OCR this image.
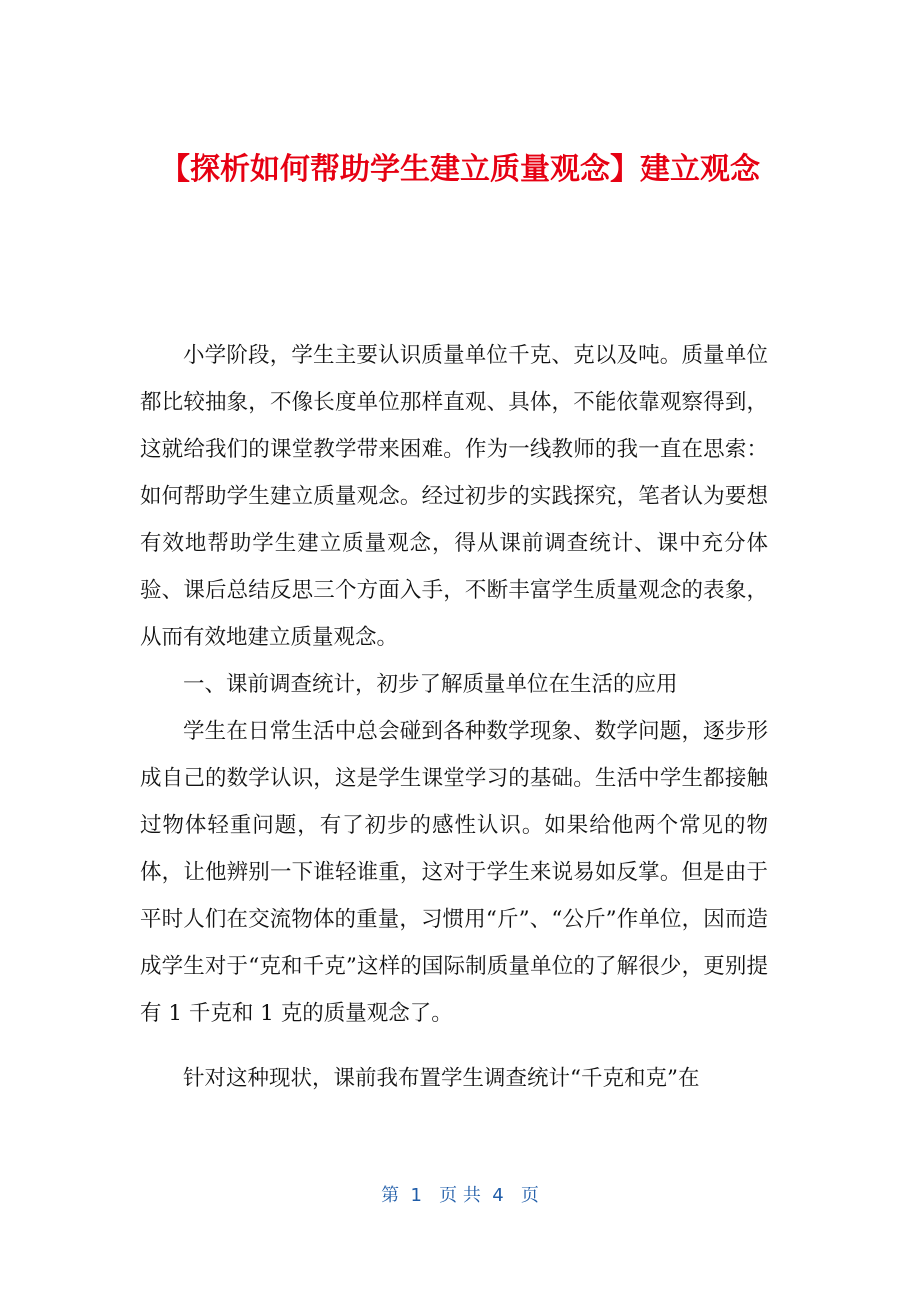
【探析如何帮助学生建立质量观念】建立观念

小学阶段，学生主要认识质量单位千克、克以及吨。质量单位都比较抽象，不像长度单位那样直观、具体，不能依靠观察得到，这就给我们的课堂教学带来困难。作为一线教师的我一直在思索：如何帮助学生建立质量观念。经过初步的实践探究，笔者认为要想有效地帮助学生建立质量观念，得从课前调查统计、课中充分体验、课后总结反思三个方面入手，不断丰富学生质量观念的表象，从而有效地建立质量观念。

一、课前调查统计，初步了解质量单位在生活的应用

学生在日常生活中总会碰到各种数学现象、数学问题，逐步形成自己的数学认识，这是学生课堂学习的基础。生活中学生都接触过物体轻重问题，有了初步的感性认识。如果给他两个常见的物体，让他辨别一下谁轻谁重，这对于学生来说易如反掌。但是由于平时人们在交流物体的重量，习惯用“斤”、“公斤”作单位，因而造成学生对于“克和千克”这样的国际制质量单位的了解很少，更别提有 1 千克和 1 克的质量观念了。

针对这种现状，课前我布置学生调查统计“千克和克”在

第  1   页 共  4   页
